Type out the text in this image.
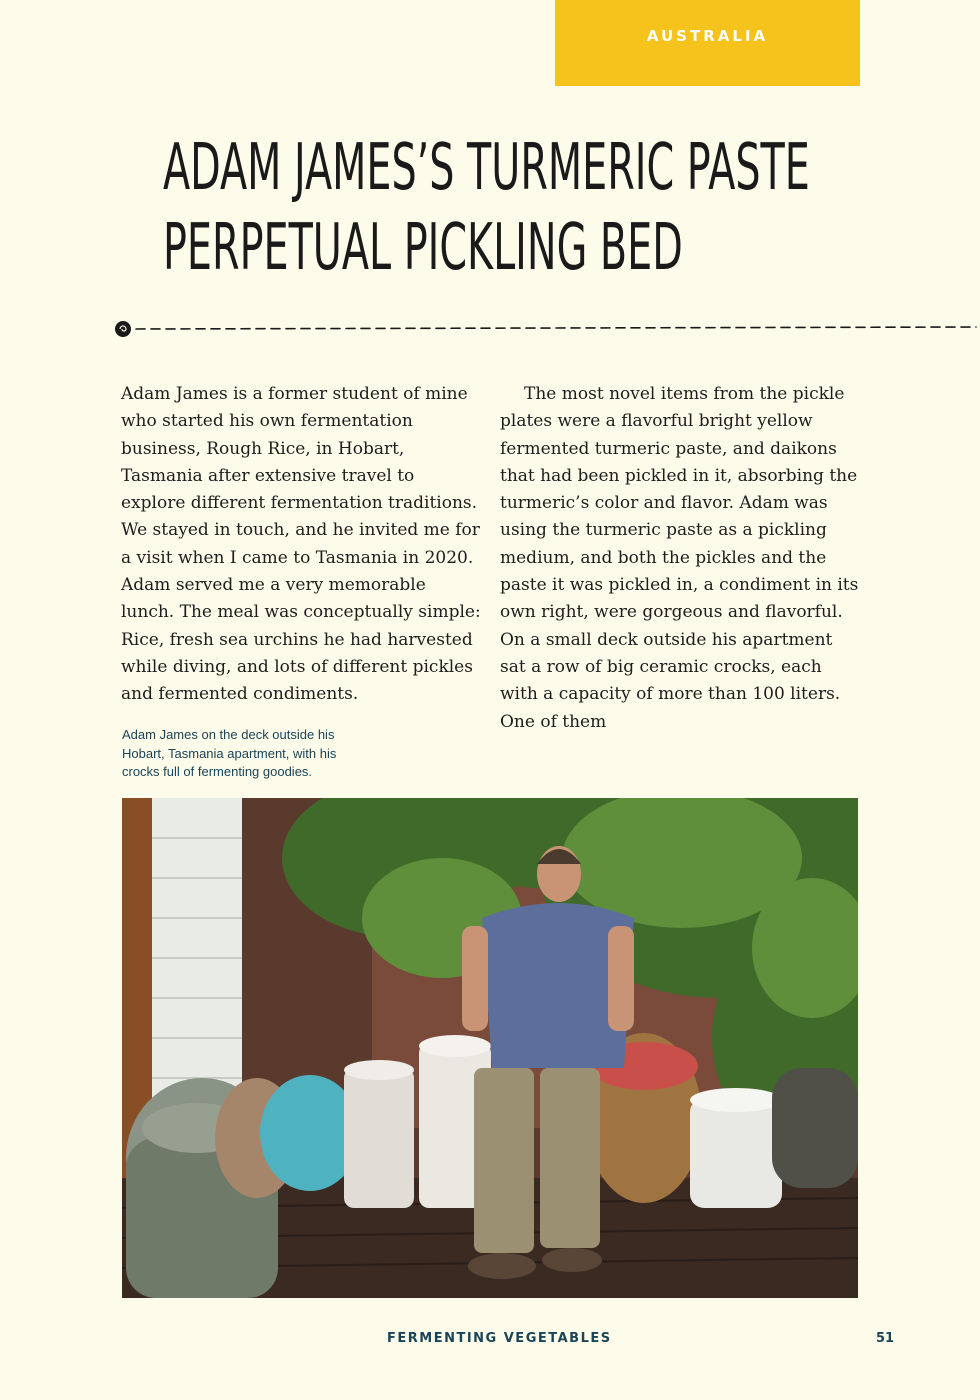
AUSTRALIA
ADAM JAMES’S TURMERIC PASTE
PERPETUAL PICKLING BED

Adam James is a former student of mine who started his own fermentation business, Rough Rice, in Hobart, Tasmania after extensive travel to explore different fermentation traditions. We stayed in touch, and he invited me for a visit when I came to Tasmania in 2020. Adam served me a very memorable lunch. The meal was conceptually simple: Rice, fresh sea urchins he had harvested while diving, and lots of different pickles and fermented condiments.

The most novel items from the pickle plates were a flavorful bright yellow fermented turmeric paste, and daikons that had been pickled in it, absorbing the turmeric’s color and flavor. Adam was using the turmeric paste as a pickling medium, and both the pickles and the paste it was pickled in, a condiment in its own right, were gorgeous and flavorful. On a small deck outside his apartment sat a row of big ceramic crocks, each with a capacity of more than 100 liters. One of them

Adam James on the deck outside his Hobart, Tasmania apartment, with his crocks full of fermenting goodies.
FERMENTING VEGETABLES	51
